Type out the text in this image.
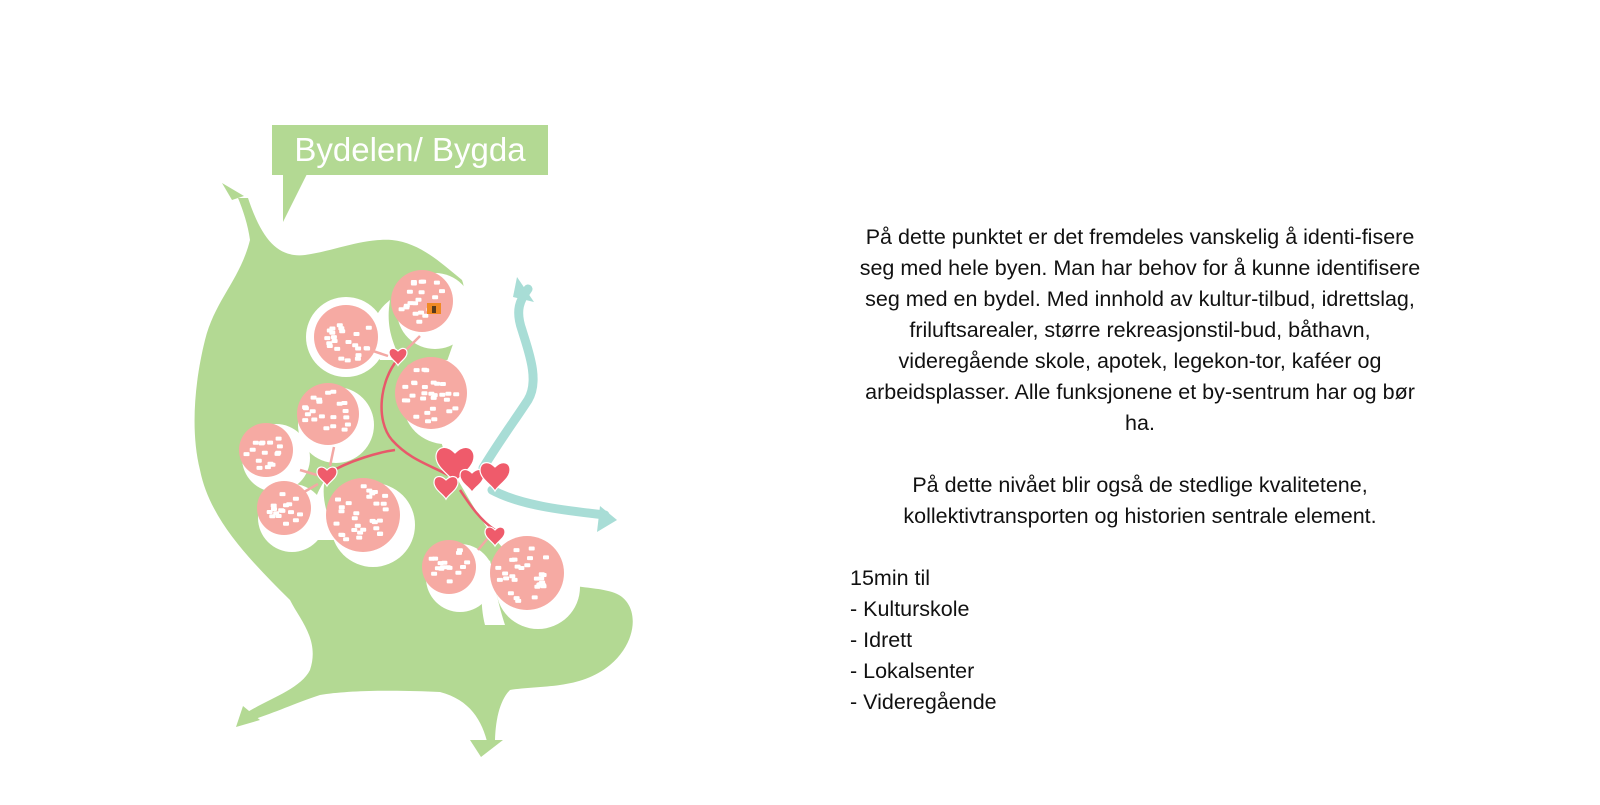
Bydelen/ Bygda

På dette punktet er det fremdeles vanskelig å identi-fisere seg med hele byen. Man har behov for å kunne identifisere seg med en bydel. Med innhold av kultur-tilbud, idrettslag, friluftsarealer, større rekreasjonstil-bud, båthavn, videregående skole, apotek, legekon-tor, kaféer og arbeidsplasser. Alle funksjonene et by-sentrum har og bør ha.

På dette nivået blir også de stedlige kvalitetene, kollektivtransporten og historien sentrale element.

15min til
- Kulturskole
- Idrett
- Lokalsenter
- Videregående
